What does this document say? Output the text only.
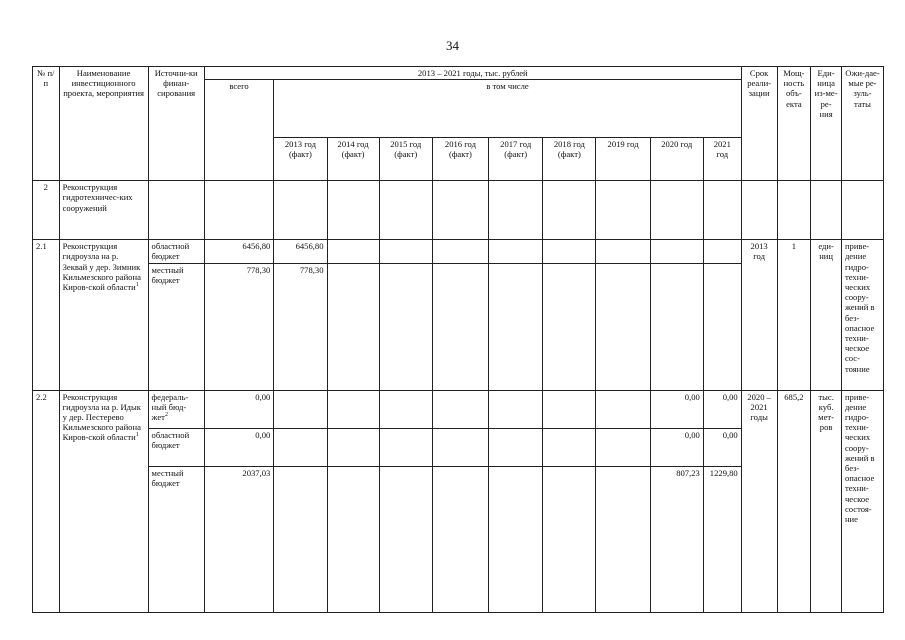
34
№ п/п	Наименование инвестиционного проекта, мероприятия	Источни-ки финан-сирования	2013 – 2021 годы, тыс. рублей										Срок реали-зации	Мощ-ность объ-екта	Еди-ница из-ме-ре-ния	Ожи-дае-мые ре-зуль-таты
			всего	в том числе												
				2013 год (факт)	2014 год (факт)	2015 год (факт)	2016 год (факт)	2017 год (факт)	2018 год (факт)	2019 год	2020 год	2021 год				
2	Реконструкция гидротехничес-ких сооружений															
2.1	Реконструкция гидроузла на р. Зеквай у дер. Зимник Кильмезского района Киров-ской области$^1$	областной бюджет	6456,80	6456,80									2013 год	1	еди-ниц	приве-дение гидро-техни-ческих соору-жений в без-опасное техни-ческое сос-тояние
		местный бюджет	778,30	778,30												
2.2	Реконструкция гидроузла на р. Идык у дер. Пестерево Кильмезского района Киров-ской области$^1$	федераль-ный бюд-жет$^2$	0,00								0,00	0,00	2020 – 2021 годы	685,2	тыс. куб. мет-ров	приве-дение гидро-техни-ческих соору-жений в без-опасное техни-ческое состоя-ние
		областной бюджет	0,00								0,00	0,00				
		местный бюджет	2037,03								807,23	1229,80				
